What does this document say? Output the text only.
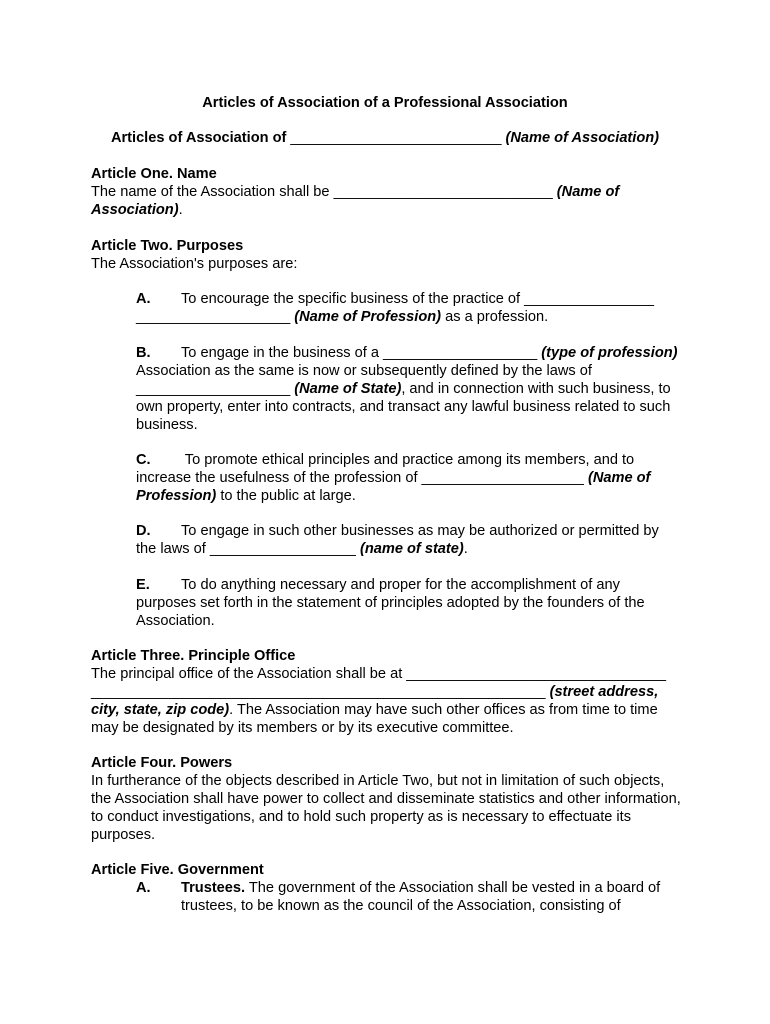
Articles of Association of a Professional Association
Articles of Association of __________________________ (Name of Association)
Article One. Name
The name of the Association shall be ___________________________ (Name of Association).
Article Two. Purposes
The Association's purposes are:
A. To encourage the specific business of the practice of ________________ ___________________ (Name of Profession) as a profession.
B. To engage in the business of a ___________________ (type of profession) Association as the same is now or subsequently defined by the laws of ___________________ (Name of State), and in connection with such business, to own property, enter into contracts, and transact any lawful business related to such business.
C. To promote ethical principles and practice among its members, and to increase the usefulness of the profession of ____________________ (Name of Profession) to the public at large.
D. To engage in such other businesses as may be authorized or permitted by the laws of __________________ (name of state).
E. To do anything necessary and proper for the accomplishment of any purposes set forth in the statement of principles adopted by the founders of the Association.
Article Three. Principle Office
The principal office of the Association shall be at ________________________________ ________________________________________________________ (street address, city, state, zip code). The Association may have such other offices as from time to time may be designated by its members or by its executive committee.
Article Four. Powers
In furtherance of the objects described in Article Two, but not in limitation of such objects, the Association shall have power to collect and disseminate statistics and other information, to conduct investigations, and to hold such property as is necessary to effectuate its purposes.
Article Five. Government
A.	Trustees. The government of the Association shall be vested in a board of trustees, to be known as the council of the Association, consisting of
